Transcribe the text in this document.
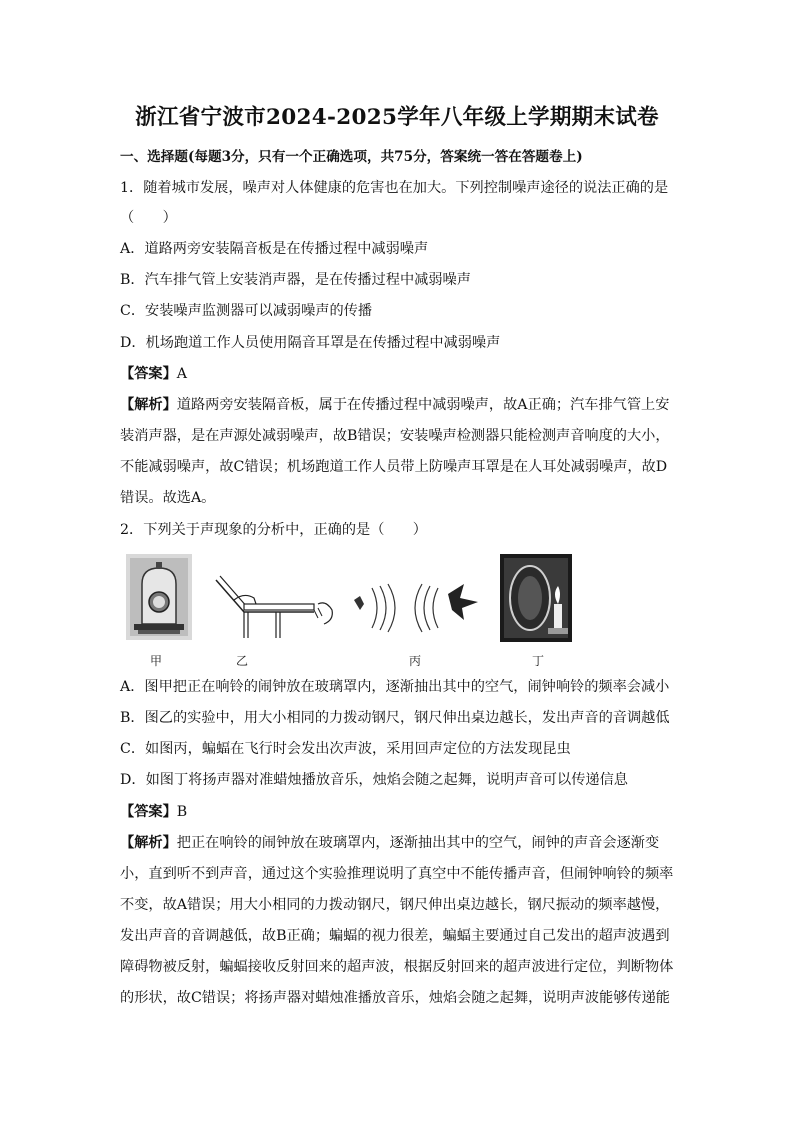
浙江省宁波市2024-2025学年八年级上学期期末试卷
一、选择题(每题3分，只有一个正确选项，共75分，答案统一答在答题卷上)
1．随着城市发展，噪声对人体健康的危害也在加大。下列控制噪声途径的说法正确的是
（　　）
A．道路两旁安装隔音板是在传播过程中减弱噪声
B．汽车排气管上安装消声器，是在传播过程中减弱噪声
C．安装噪声监测器可以减弱噪声的传播
D．机场跑道工作人员使用隔音耳罩是在传播过程中减弱噪声
【答案】A
【解析】道路两旁安装隔音板，属于在传播过程中减弱噪声，故A正确；汽车排气管上安
装消声器，是在声源处减弱噪声，故B错误；安装噪声检测器只能检测声音响度的大小，
不能减弱噪声，故C错误；机场跑道工作人员带上防噪声耳罩是在人耳处减弱噪声，故D
错误。故选A。
2．下列关于声现象的分析中，正确的是（　　）
甲	乙	丙	丁
A．图甲把正在响铃的闹钟放在玻璃罩内，逐渐抽出其中的空气，闹钟响铃的频率会减小
B．图乙的实验中，用大小相同的力拨动钢尺，钢尺伸出桌边越长，发出声音的音调越低
C．如图丙，蝙蝠在飞行时会发出次声波，采用回声定位的方法发现昆虫
D．如图丁将扬声器对准蜡烛播放音乐，烛焰会随之起舞，说明声音可以传递信息
【答案】B
【解析】把正在响铃的闹钟放在玻璃罩内，逐渐抽出其中的空气，闹钟的声音会逐渐变
小，直到听不到声音，通过这个实验推理说明了真空中不能传播声音，但闹钟响铃的频率
不变，故A错误；用大小相同的力拨动钢尺，钢尺伸出桌边越长，钢尺振动的频率越慢，
发出声音的音调越低，故B正确；蝙蝠的视力很差，蝙蝠主要通过自己发出的超声波遇到
障碍物被反射，蝙蝠接收反射回来的超声波，根据反射回来的超声波进行定位，判断物体
的形状，故C错误；将扬声器对蜡烛准播放音乐，烛焰会随之起舞，说明声波能够传递能
